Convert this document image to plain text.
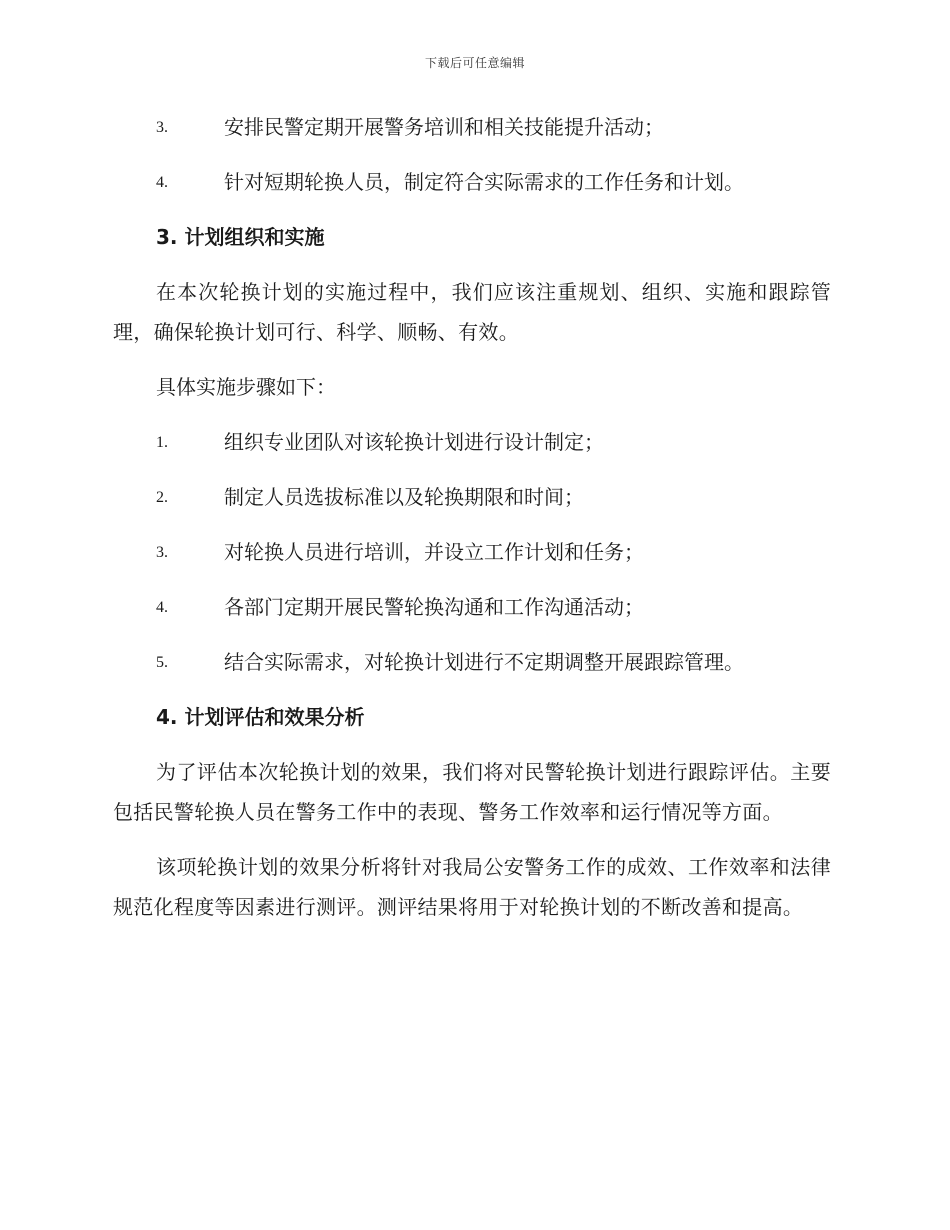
下载后可任意编辑
3.	安排民警定期开展警务培训和相关技能提升活动；
4.	针对短期轮换人员，制定符合实际需求的工作任务和计划。
3. 计划组织和实施

在本次轮换计划的实施过程中，我们应该注重规划、组织、实施和跟踪管理，确保轮换计划可行、科学、顺畅、有效。

具体实施步骤如下：
1.	组织专业团队对该轮换计划进行设计制定；
2.	制定人员选拔标准以及轮换期限和时间；
3.	对轮换人员进行培训，并设立工作计划和任务；
4.	各部门定期开展民警轮换沟通和工作沟通活动；
5.	结合实际需求，对轮换计划进行不定期调整开展跟踪管理。
4. 计划评估和效果分析

为了评估本次轮换计划的效果，我们将对民警轮换计划进行跟踪评估。主要包括民警轮换人员在警务工作中的表现、警务工作效率和运行情况等方面。

该项轮换计划的效果分析将针对我局公安警务工作的成效、工作效率和法律规范化程度等因素进行测评。测评结果将用于对轮换计划的不断改善和提高。
